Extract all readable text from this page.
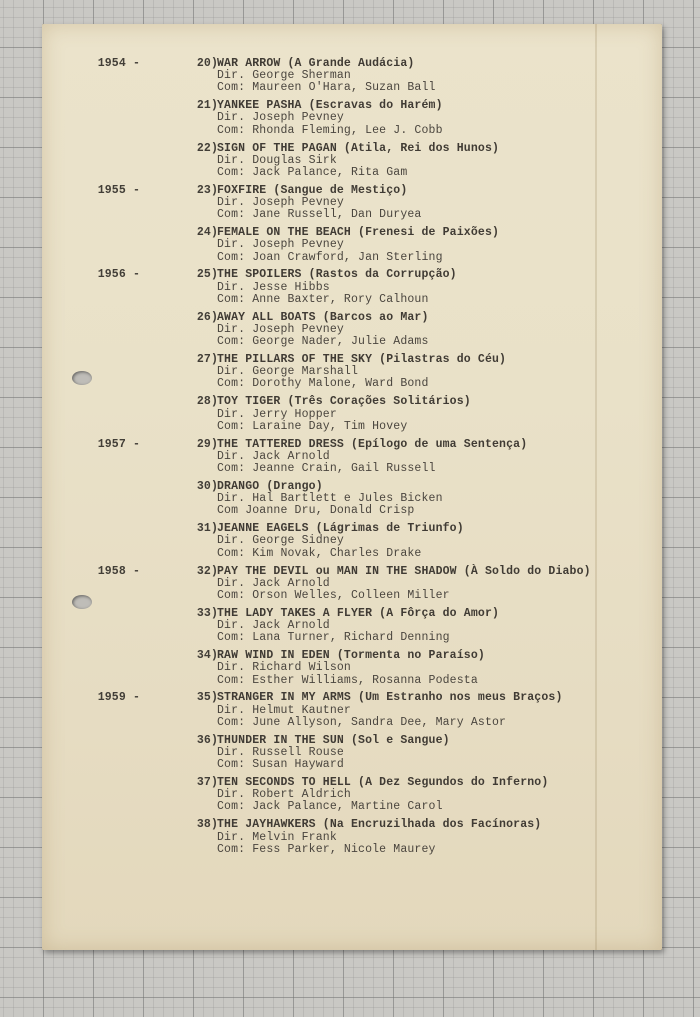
1954 -	20) WAR ARROW (A Grande Audácia)
Dir. George Sherman
Com: Maureen O'Hara, Suzan Ball
21) YANKEE PASHA (Escravas do Harém)
Dir. Joseph Pevney
Com: Rhonda Fleming, Lee J. Cobb
22) SIGN OF THE PAGAN (Atila, Rei dos Hunos)
Dir. Douglas Sirk
Com: Jack Palance, Rita Gam
1955 -	23) FOXFIRE (Sangue de Mestiço)
Dir. Joseph Pevney
Com: Jane Russell, Dan Duryea
24) FEMALE ON THE BEACH (Frenesi de Paixões)
Dir. Joseph Pevney
Com: Joan Crawford, Jan Sterling
1956 -	25) THE SPOILERS (Rastos da Corrupção)
Dir. Jesse Hibbs
Com: Anne Baxter, Rory Calhoun
26) AWAY ALL BOATS (Barcos ao Mar)
Dir. Joseph Pevney
Com: George Nader, Julie Adams
27) THE PILLARS OF THE SKY (Pilastras do Céu)
Dir. George Marshall
Com: Dorothy Malone, Ward Bond
28) TOY TIGER (Três Corações Solitários)
Dir. Jerry Hopper
Com: Laraine Day, Tim Hovey
1957 -	29) THE TATTERED DRESS (Epílogo de uma Sentença)
Dir. Jack Arnold
Com: Jeanne Crain, Gail Russell
30) DRANGO (Drango)
Dir. Hal Bartlett e Jules Bicken
Com Joanne Dru, Donald Crisp
31) JEANNE EAGELS (Lágrimas de Triunfo)
Dir. George Sidney
Com: Kim Novak, Charles Drake
1958 -	32) PAY THE DEVIL ou MAN IN THE SHADOW (À Soldo do Diabo)
Dir. Jack Arnold
Com: Orson Welles, Colleen Miller
33) THE LADY TAKES A FLYER (A Fôrça do Amor)
Dir. Jack Arnold
Com: Lana Turner, Richard Denning
34) RAW WIND IN EDEN (Tormenta no Paraíso)
Dir. Richard Wilson
Com: Esther Williams, Rosanna Podesta
1959 -	35) STRANGER IN MY ARMS (Um Estranho nos meus Braços)
Dir. Helmut Kautner
Com: June Allyson, Sandra Dee, Mary Astor
36) THUNDER IN THE SUN (Sol e Sangue)
Dir. Russell Rouse
Com: Susan Hayward
37) TEN SECONDS TO HELL (A Dez Segundos do Inferno)
Dir. Robert Aldrich
Com: Jack Palance, Martine Carol
38) THE JAYHAWKERS (Na Encruzilhada dos Facínoras)
Dir. Melvin Frank
Com: Fess Parker, Nicole Maurey
